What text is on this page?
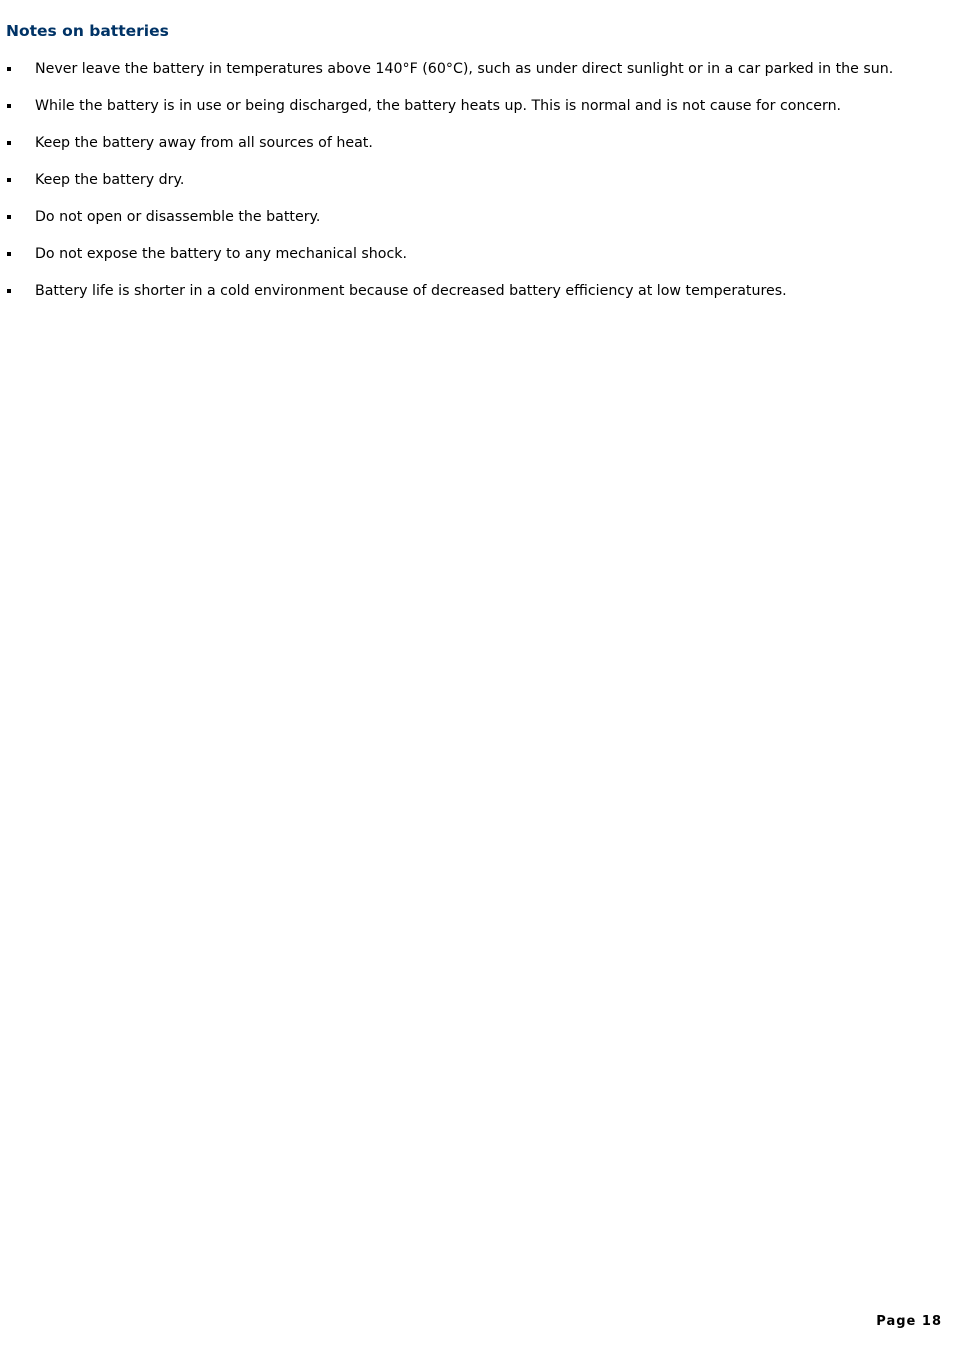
Notes on batteries
Never leave the battery in temperatures above 140°F (60°C), such as under direct sunlight or in a car parked in the sun.
While the battery is in use or being discharged, the battery heats up. This is normal and is not cause for concern.
Keep the battery away from all sources of heat.
Keep the battery dry.
Do not open or disassemble the battery.
Do not expose the battery to any mechanical shock.
Battery life is shorter in a cold environment because of decreased battery efficiency at low temperatures.
Page 18
